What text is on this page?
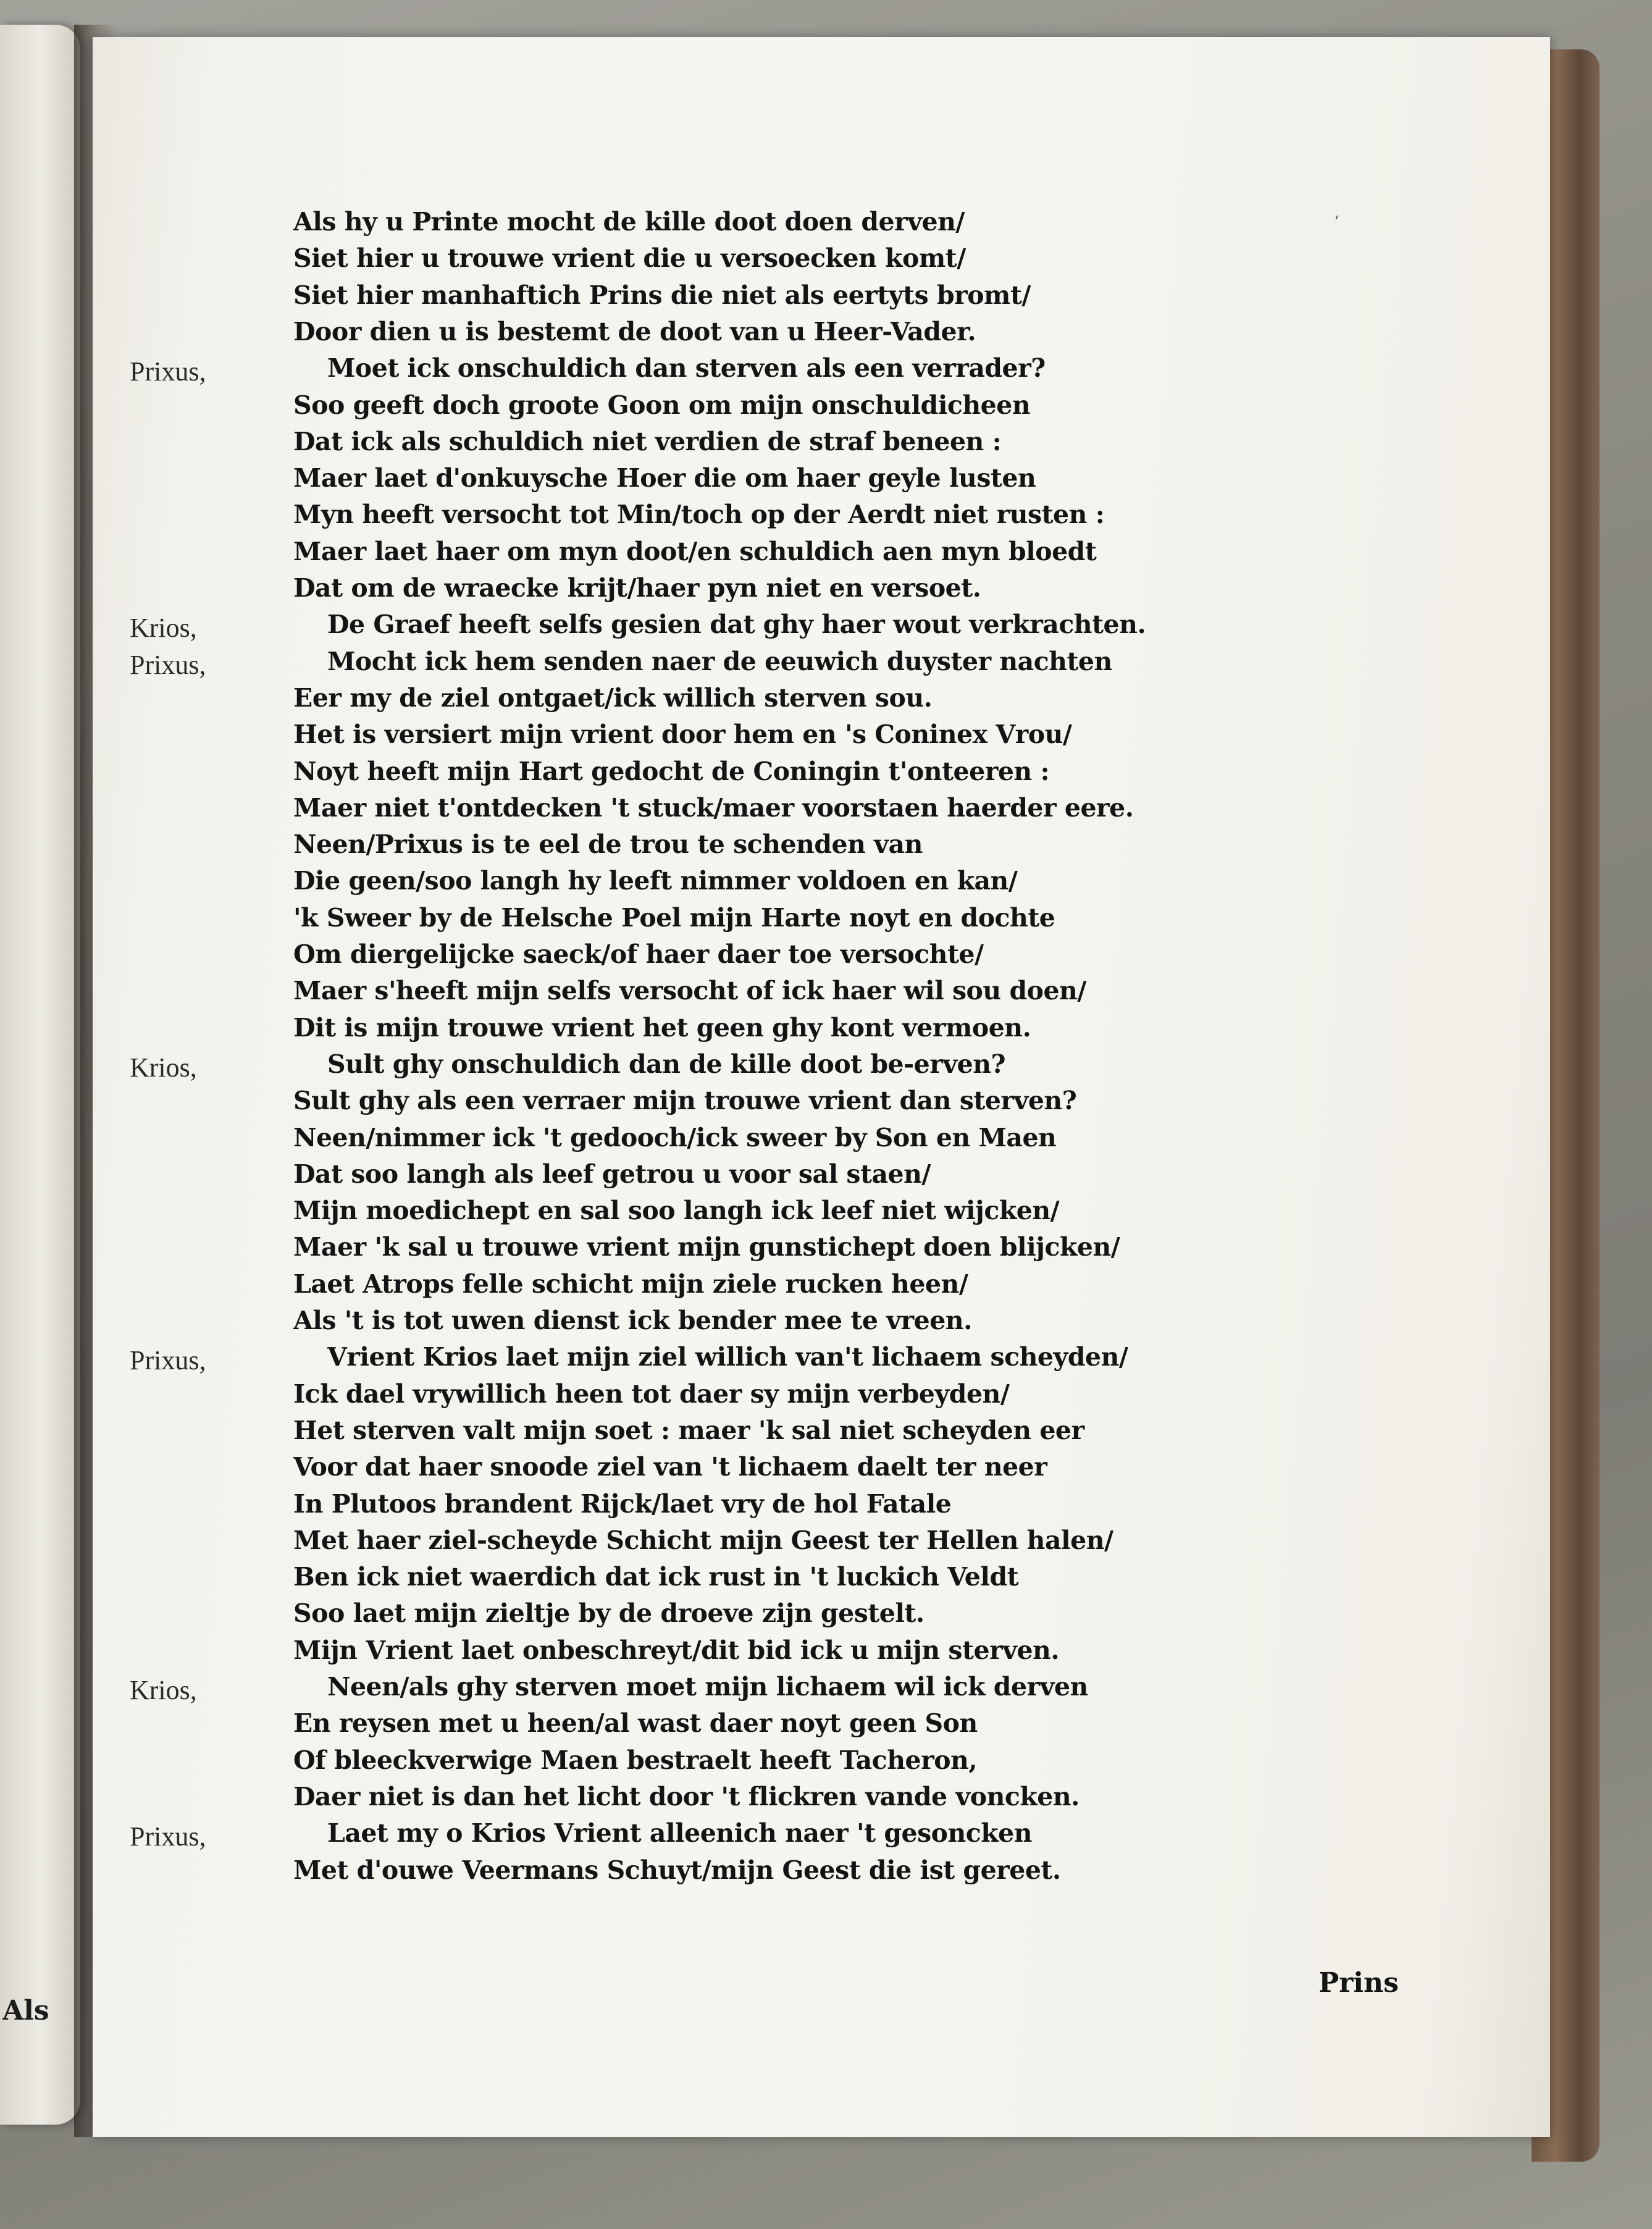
Als
‘
Prins
Als hy u Printe mocht de kille doot doen derven/
Siet hier u trouwe vrient die u versoecken komt/
Siet hier manhaftich Prins die niet als eertyts bromt/
Door dien u is bestemt de doot van u Heer-Vader.
Prixus,	Moet ick onschuldich dan sterven als een verrader?
Soo geeft doch groote Goon om mijn onschuldicheen
Dat ick als schuldich niet verdien de straf beneen :
Maer laet d'onkuysche Hoer die om haer geyle lusten
Myn heeft versocht tot Min/toch op der Aerdt niet rusten :
Maer laet haer om myn doot/en schuldich aen myn bloedt
Dat om de wraecke krijt/haer pyn niet en versoet.
Krios,	De Graef heeft selfs gesien dat ghy haer wout verkrachten.
Prixus,	Mocht ick hem senden naer de eeuwich duyster nachten
Eer my de ziel ontgaet/ick willich sterven sou.
Het is versiert mijn vrient door hem en 's Coninex Vrou/
Noyt heeft mijn Hart gedocht de Coningin t'onteeren :
Maer niet t'ontdecken 't stuck/maer voorstaen haerder eere.
Neen/Prixus is te eel de trou te schenden van
Die geen/soo langh hy leeft nimmer voldoen en kan/
'k Sweer by de Helsche Poel mijn Harte noyt en dochte
Om diergelijcke saeck/of haer daer toe versochte/
Maer s'heeft mijn selfs versocht of ick haer wil sou doen/
Dit is mijn trouwe vrient het geen ghy kont vermoen.
Krios,	Sult ghy onschuldich dan de kille doot be-erven?
Sult ghy als een verraer mijn trouwe vrient dan sterven?
Neen/nimmer ick 't gedooch/ick sweer by Son en Maen
Dat soo langh als leef getrou u voor sal staen/
Mijn moedichept en sal soo langh ick leef niet wijcken/
Maer 'k sal u trouwe vrient mijn gunstichept doen blijcken/
Laet Atrops felle schicht mijn ziele rucken heen/
Als 't is tot uwen dienst ick bender mee te vreen.
Prixus,	Vrient Krios laet mijn ziel willich van't lichaem scheyden/
Ick dael vrywillich heen tot daer sy mijn verbeyden/
Het sterven valt mijn soet : maer 'k sal niet scheyden eer
Voor dat haer snoode ziel van 't lichaem daelt ter neer
In Plutoos brandent Rijck/laet vry de hol Fatale
Met haer ziel-scheyde Schicht mijn Geest ter Hellen halen/
Ben ick niet waerdich dat ick rust in 't luckich Veldt
Soo laet mijn zieltje by de droeve zijn gestelt.
Mijn Vrient laet onbeschreyt/dit bid ick u mijn sterven.
Krios,	Neen/als ghy sterven moet mijn lichaem wil ick derven
En reysen met u heen/al wast daer noyt geen Son
Of bleeckverwige Maen bestraelt heeft Tacheron,
Daer niet is dan het licht door 't flickren vande voncken.
Prixus,	Laet my o Krios Vrient alleenich naer 't gesoncken
Met d'ouwe Veermans Schuyt/mijn Geest die ist gereet.
